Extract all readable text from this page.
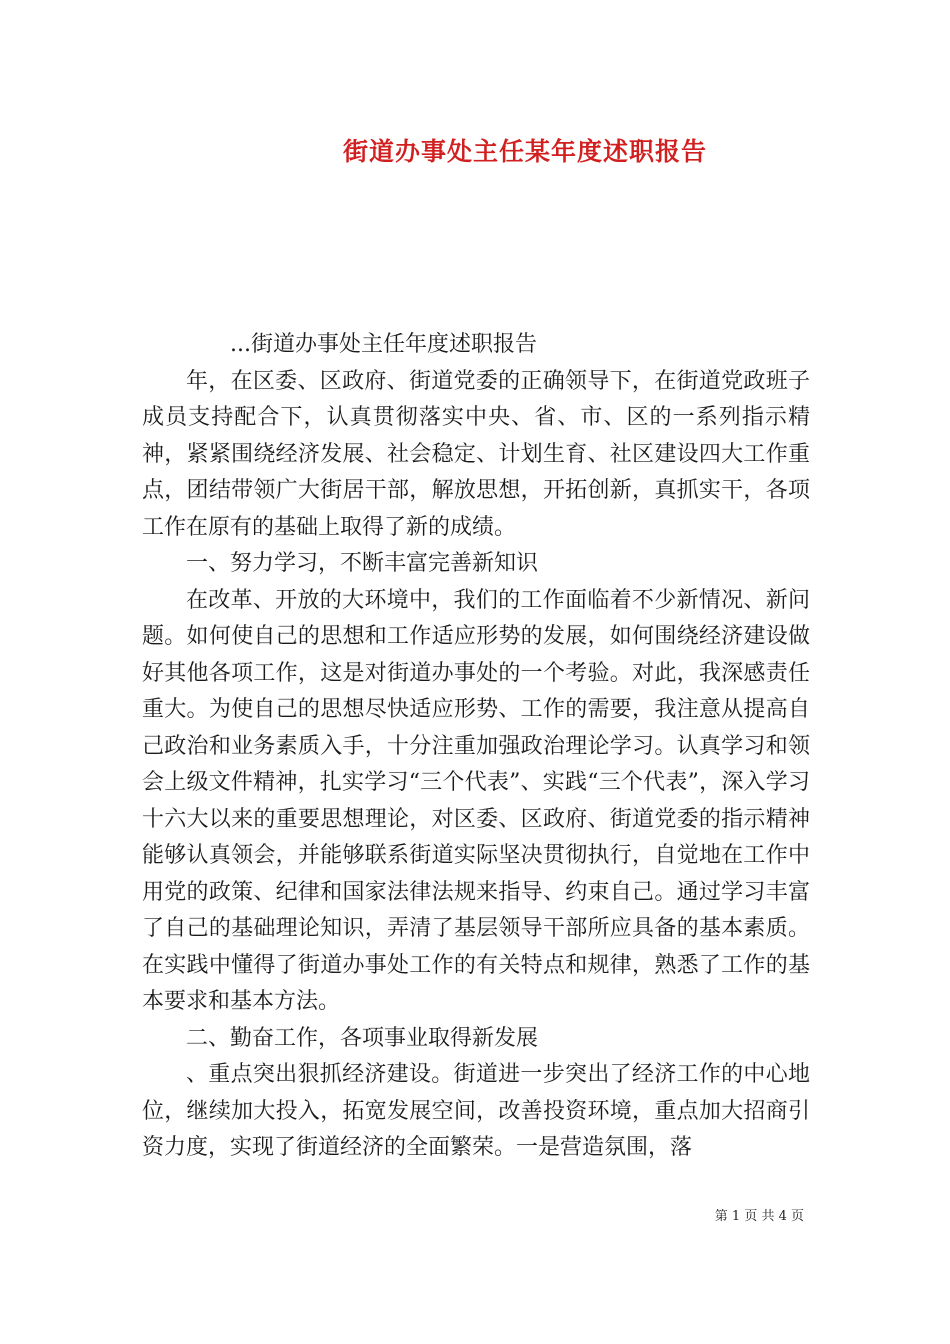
街道办事处主任某年度述职报告

...街道办事处主任年度述职报告

年，在区委、区政府、街道党委的正确领导下，在街道党政班子成员支持配合下，认真贯彻落实中央、省、市、区的一系列指示精神，紧紧围绕经济发展、社会稳定、计划生育、社区建设四大工作重点，团结带领广大街居干部，解放思想，开拓创新，真抓实干，各项工作在原有的基础上取得了新的成绩。

一、努力学习，不断丰富完善新知识

在改革、开放的大环境中，我们的工作面临着不少新情况、新问题。如何使自己的思想和工作适应形势的发展，如何围绕经济建设做好其他各项工作，这是对街道办事处的一个考验。对此，我深感责任重大。为使自己的思想尽快适应形势、工作的需要，我注意从提高自己政治和业务素质入手，十分注重加强政治理论学习。认真学习和领会上级文件精神，扎实学习“三个代表”、实践“三个代表”，深入学习十六大以来的重要思想理论，对区委、区政府、街道党委的指示精神能够认真领会，并能够联系街道实际坚决贯彻执行，自觉地在工作中用党的政策、纪律和国家法律法规来指导、约束自己。通过学习丰富了自己的基础理论知识，弄清了基层领导干部所应具备的基本素质。在实践中懂得了街道办事处工作的有关特点和规律，熟悉了工作的基本要求和基本方法。

二、勤奋工作，各项事业取得新发展

、重点突出狠抓经济建设。街道进一步突出了经济工作的中心地位，继续加大投入，拓宽发展空间，改善投资环境，重点加大招商引资力度，实现了街道经济的全面繁荣。一是营造氛围，落

第 1 页 共 4 页
